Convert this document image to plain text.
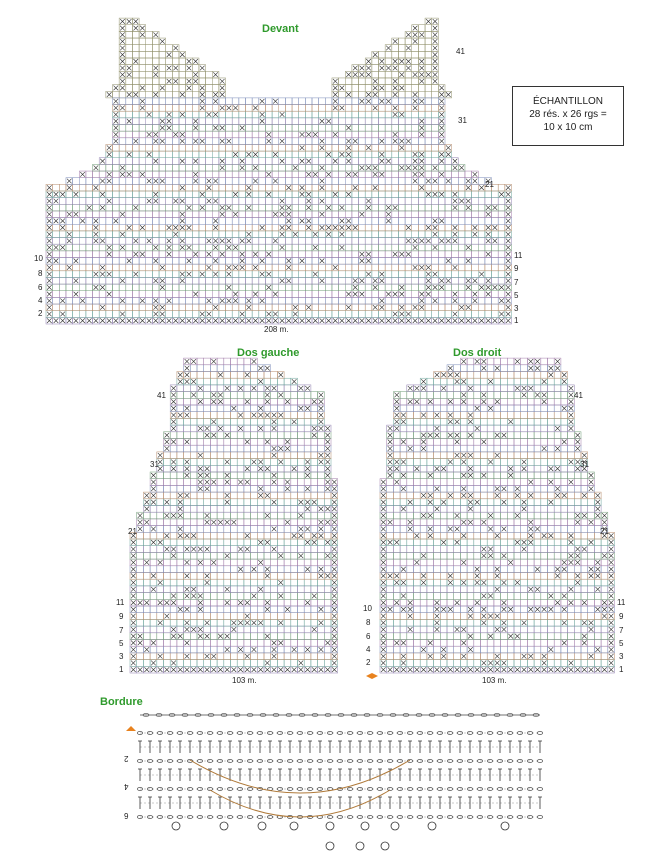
Devant
10
8
6
4
2
41
31
21
11
9
7
5
3
1
208 m.
ÉCHANTILLON
28 rés. x 26 rgs =
10 x 10 cm
Dos gauche
41
31
21
11
9
7
5
3
1
10
8
6
4
2
103 m.
Dos droit
41
31
21
11
9
7
5
3
1
103 m.
Bordure
2
4
6
